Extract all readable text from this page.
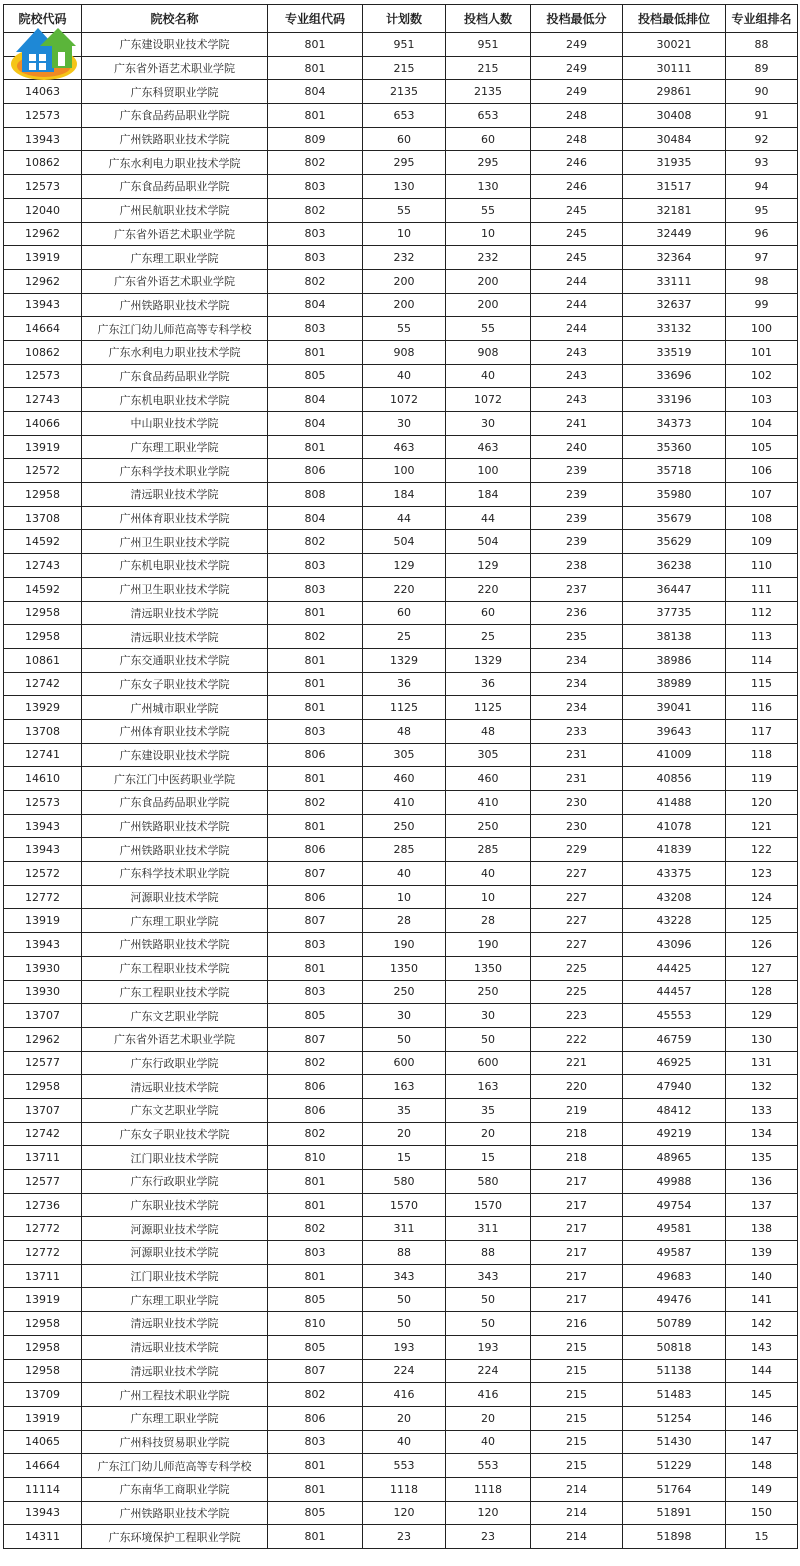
院校代码	院校名称	专业组代码	计划数	投档人数	投档最低分	投档最低排位	专业组排名
	广东建设职业技术学院	801	951	951	249	30021	88
	广东省外语艺术职业学院	801	215	215	249	30111	89
14063	广东科贸职业学院	804	2135	2135	249	29861	90
12573	广东食品药品职业学院	801	653	653	248	30408	91
13943	广州铁路职业技术学院	809	60	60	248	30484	92
10862	广东水利电力职业技术学院	802	295	295	246	31935	93
12573	广东食品药品职业学院	803	130	130	246	31517	94
12040	广州民航职业技术学院	802	55	55	245	32181	95
12962	广东省外语艺术职业学院	803	10	10	245	32449	96
13919	广东理工职业学院	803	232	232	245	32364	97
12962	广东省外语艺术职业学院	802	200	200	244	33111	98
13943	广州铁路职业技术学院	804	200	200	244	32637	99
14664	广东江门幼儿师范高等专科学校	803	55	55	244	33132	100
10862	广东水利电力职业技术学院	801	908	908	243	33519	101
12573	广东食品药品职业学院	805	40	40	243	33696	102
12743	广东机电职业技术学院	804	1072	1072	243	33196	103
14066	中山职业技术学院	804	30	30	241	34373	104
13919	广东理工职业学院	801	463	463	240	35360	105
12572	广东科学技术职业学院	806	100	100	239	35718	106
12958	清远职业技术学院	808	184	184	239	35980	107
13708	广州体育职业技术学院	804	44	44	239	35679	108
14592	广州卫生职业技术学院	802	504	504	239	35629	109
12743	广东机电职业技术学院	803	129	129	238	36238	110
14592	广州卫生职业技术学院	803	220	220	237	36447	111
12958	清远职业技术学院	801	60	60	236	37735	112
12958	清远职业技术学院	802	25	25	235	38138	113
10861	广东交通职业技术学院	801	1329	1329	234	38986	114
12742	广东女子职业技术学院	801	36	36	234	38989	115
13929	广州城市职业学院	801	1125	1125	234	39041	116
13708	广州体育职业技术学院	803	48	48	233	39643	117
12741	广东建设职业技术学院	806	305	305	231	41009	118
14610	广东江门中医药职业学院	801	460	460	231	40856	119
12573	广东食品药品职业学院	802	410	410	230	41488	120
13943	广州铁路职业技术学院	801	250	250	230	41078	121
13943	广州铁路职业技术学院	806	285	285	229	41839	122
12572	广东科学技术职业学院	807	40	40	227	43375	123
12772	河源职业技术学院	806	10	10	227	43208	124
13919	广东理工职业学院	807	28	28	227	43228	125
13943	广州铁路职业技术学院	803	190	190	227	43096	126
13930	广东工程职业技术学院	801	1350	1350	225	44425	127
13930	广东工程职业技术学院	803	250	250	225	44457	128
13707	广东文艺职业学院	805	30	30	223	45553	129
12962	广东省外语艺术职业学院	807	50	50	222	46759	130
12577	广东行政职业学院	802	600	600	221	46925	131
12958	清远职业技术学院	806	163	163	220	47940	132
13707	广东文艺职业学院	806	35	35	219	48412	133
12742	广东女子职业技术学院	802	20	20	218	49219	134
13711	江门职业技术学院	810	15	15	218	48965	135
12577	广东行政职业学院	801	580	580	217	49988	136
12736	广东职业技术学院	801	1570	1570	217	49754	137
12772	河源职业技术学院	802	311	311	217	49581	138
12772	河源职业技术学院	803	88	88	217	49587	139
13711	江门职业技术学院	801	343	343	217	49683	140
13919	广东理工职业学院	805	50	50	217	49476	141
12958	清远职业技术学院	810	50	50	216	50789	142
12958	清远职业技术学院	805	193	193	215	50818	143
12958	清远职业技术学院	807	224	224	215	51138	144
13709	广州工程技术职业学院	802	416	416	215	51483	145
13919	广东理工职业学院	806	20	20	215	51254	146
14065	广州科技贸易职业学院	803	40	40	215	51430	147
14664	广东江门幼儿师范高等专科学校	801	553	553	215	51229	148
11114	广东南华工商职业学院	801	1118	1118	214	51764	149
13943	广州铁路职业技术学院	805	120	120	214	51891	150
14311	广东环境保护工程职业学院	801	23	23	214	51898	15
